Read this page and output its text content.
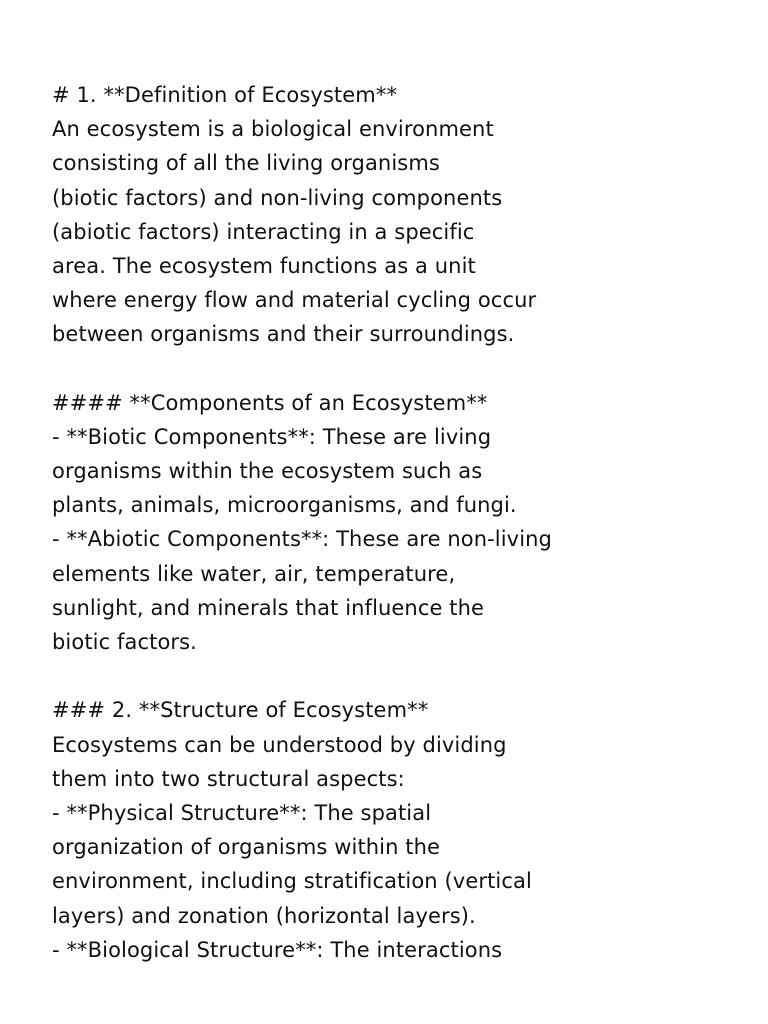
# 1. **Definition of Ecosystem**
An ecosystem is a biological environment
consisting of all the living organisms
(biotic factors) and non-living components
(abiotic factors) interacting in a specific
area. The ecosystem functions as a unit
where energy flow and material cycling occur
between organisms and their surroundings.
#### **Components of an Ecosystem**
- **Biotic Components**: These are living
organisms within the ecosystem such as
plants, animals, microorganisms, and fungi.
- **Abiotic Components**: These are non-living
elements like water, air, temperature,
sunlight, and minerals that influence the
biotic factors.
### 2. **Structure of Ecosystem**
Ecosystems can be understood by dividing
them into two structural aspects:
- **Physical Structure**: The spatial
organization of organisms within the
environment, including stratification (vertical
layers) and zonation (horizontal layers).
- **Biological Structure**: The interactions
